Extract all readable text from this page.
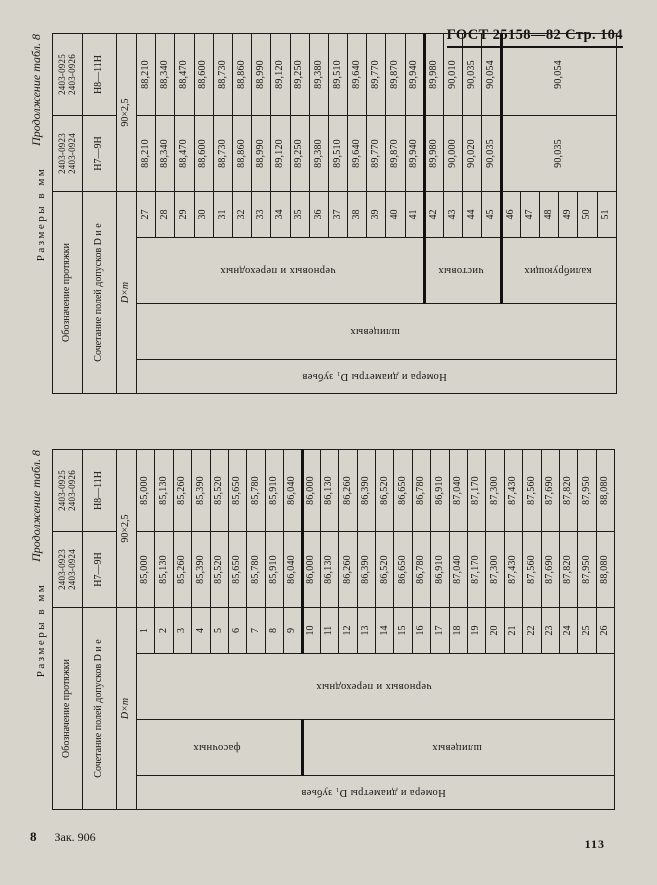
ГОСТ 25158—82 Стр. 104
Размеры в мм
Продолжение табл. 8
Обозначение протяжки	
2403-0923 2403-0924

2403-0925 2403-0926

Сочетание полей допусков D и е				Н7—9Н	Н8—11Н
D×m				90×2,5	
Номера и диаметры D₁ зубьев	шлицевых	черновых и переходных	27	88,210	88,210
			28	88,340	88,340
			29	88,470	88,470
			30	88,600	88,600
			31	88,730	88,730
			32	88,860	88,860
			33	88,990	88,990
			34	89,120	89,120
			35	89,250	89,250
			36	89,380	89,380
			37	89,510	89,510
			38	89,640	89,640
			39	89,770	89,770
			40	89,870	89,870
			41	89,940	89,940
		чистовых	42	89,980	89,980
			43	90,000	90,010
			44	90,020	90,035
			45	90,035	90,054
		калибрующих	46	90,035	90,054
			47		
			48		
			49		
			50		
			51		
Размеры в мм
Продолжение табл. 8
Обозначение протяжки	
2403-0923 2403-0924

2403-0925 2403-0926

Сочетание полей допусков D и е				Н7—9Н	Н8—11Н
D×m				90×2,5	
Номера и диаметры D₁ зубьев	фасочных	черновых и переходных	1	85,000	85,000
			2	85,130	85,130
			3	85,260	85,260
			4	85,390	85,390
			5	85,520	85,520
			6	85,650	85,650
			7	85,780	85,780
			8	85,910	85,910
			9	86,040	86,040
	шлицевых		10	86,000	86,000
			11	86,130	86,130
			12	86,260	86,260
			13	86,390	86,390
			14	86,520	86,520
			15	86,650	86,650
			16	86,780	86,780
			17	86,910	86,910
			18	87,040	87,040
			19	87,170	87,170
			20	87,300	87,300
			21	87,430	87,430
			22	87,560	87,560
			23	87,690	87,690
			24	87,820	87,820
			25	87,950	87,950
			26	88,080	88,080
8 Зак. 906	113
